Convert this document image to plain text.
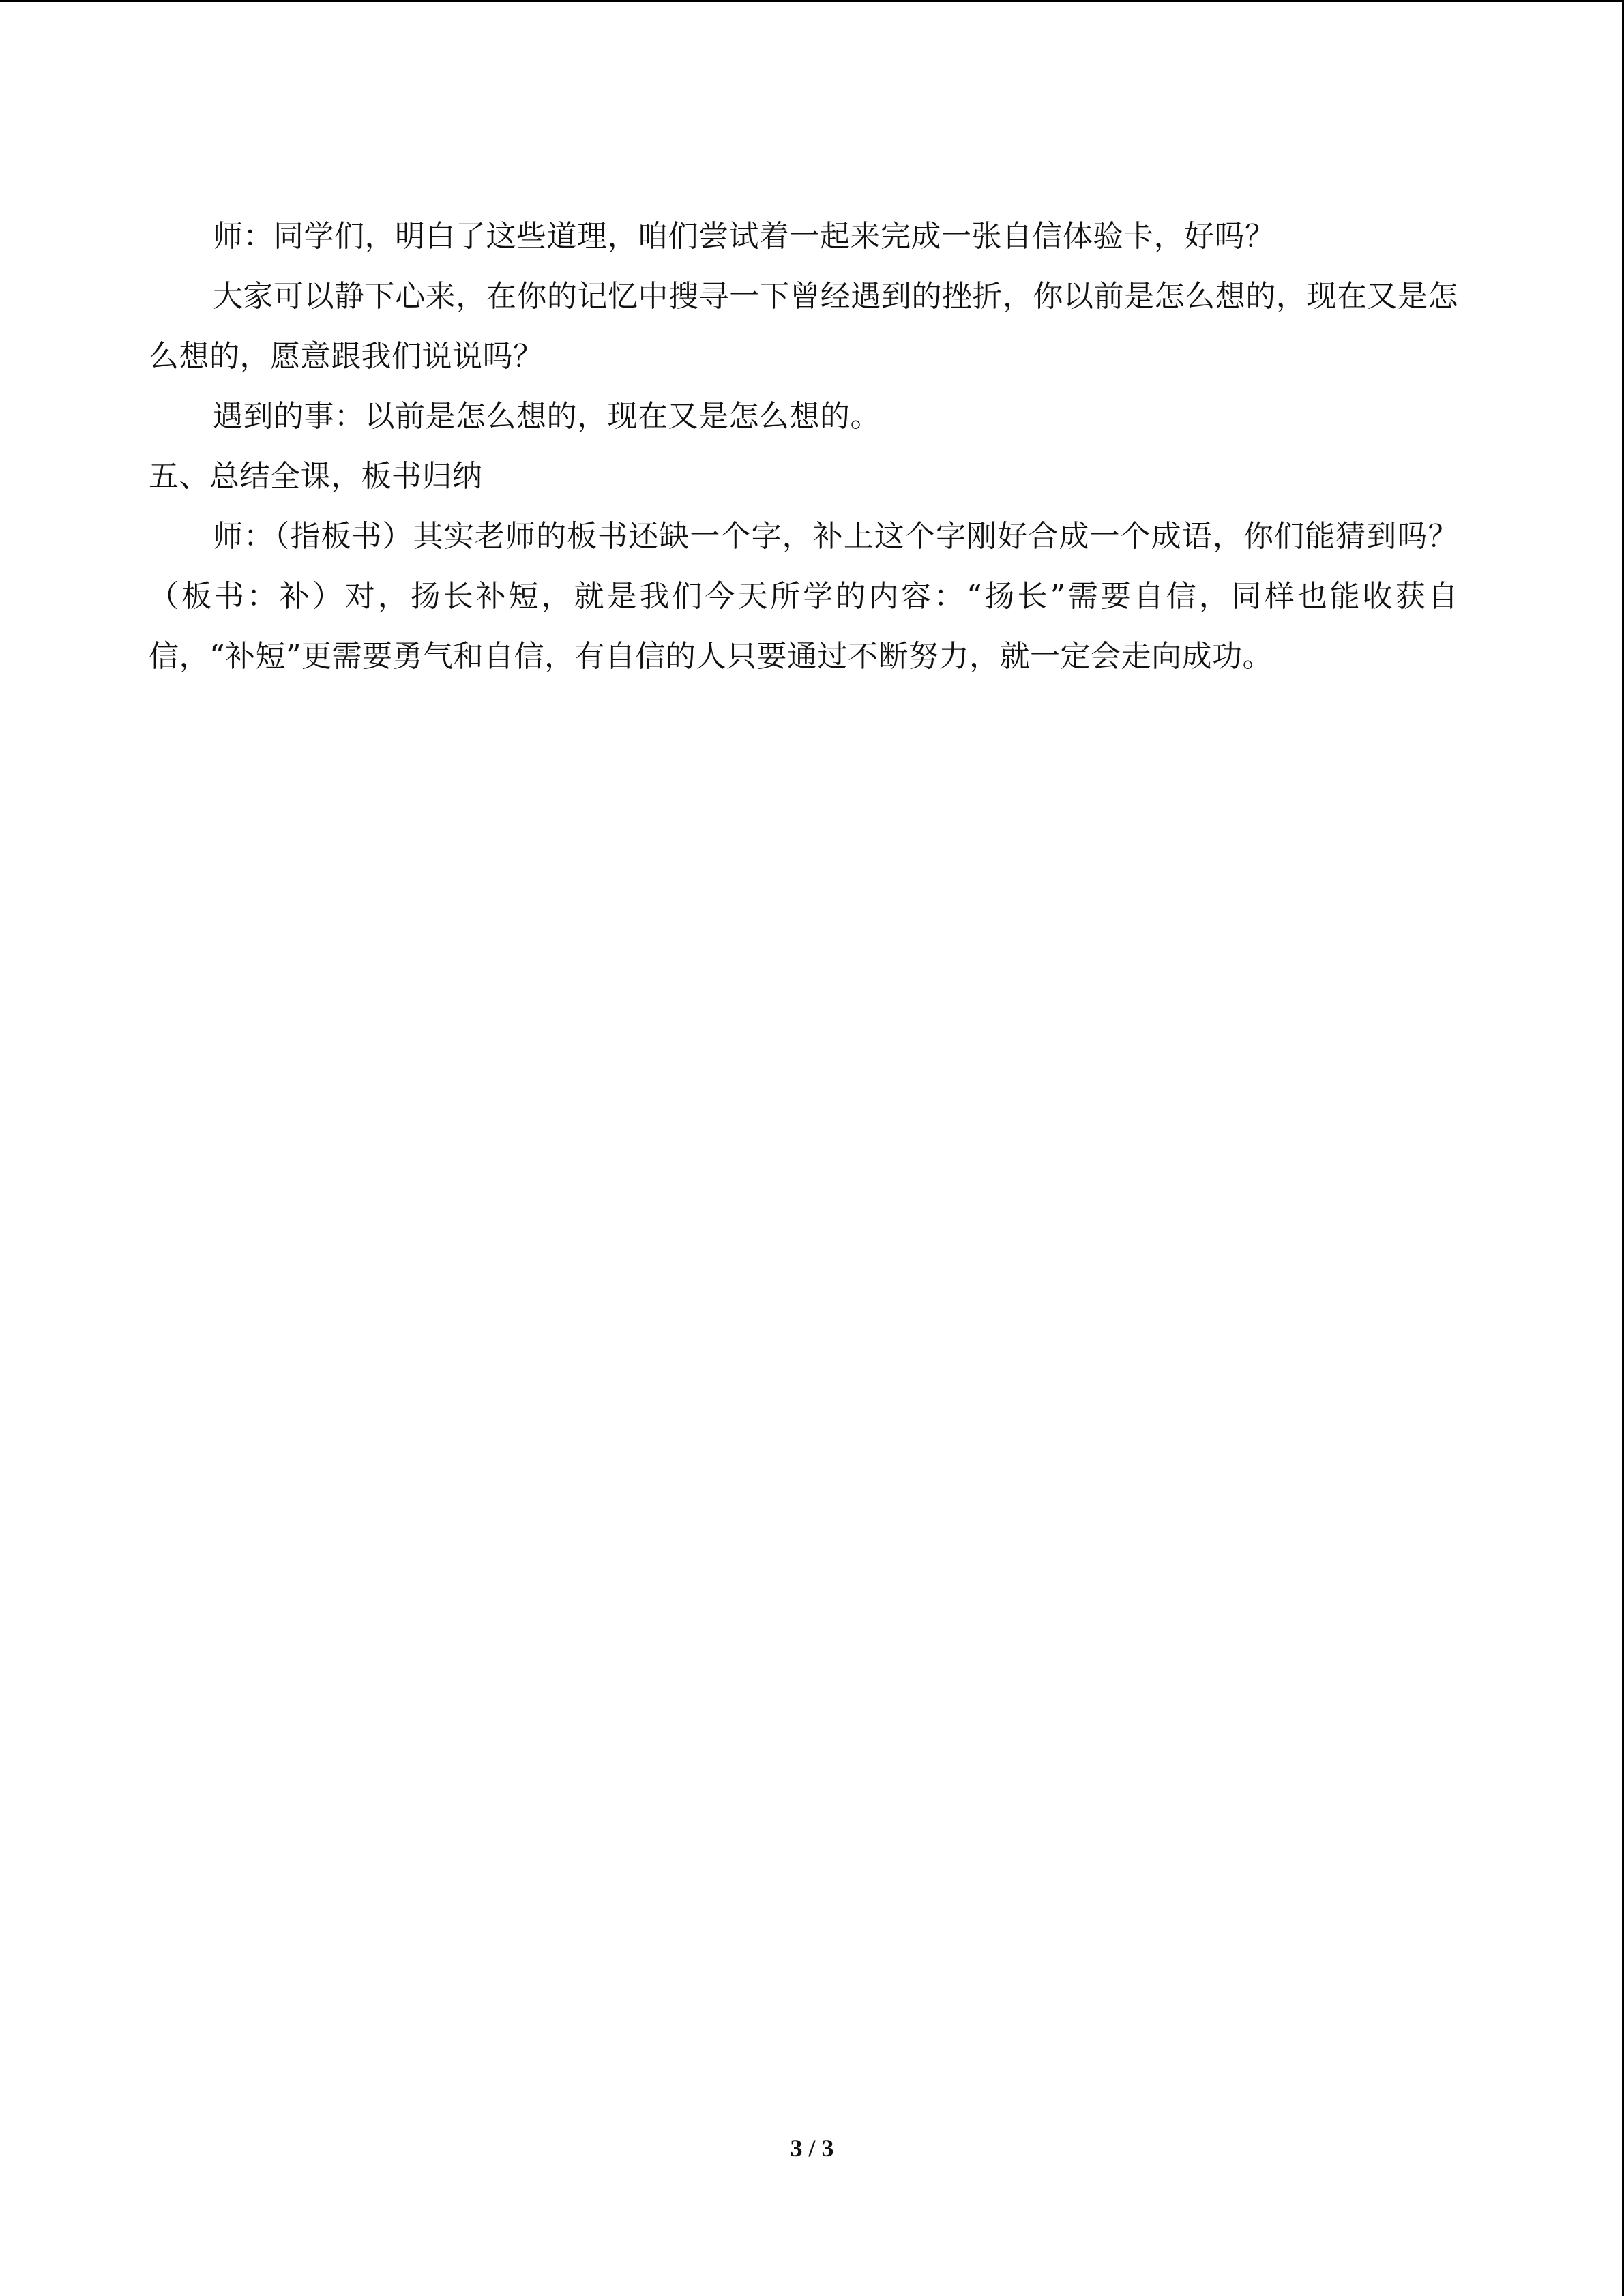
师：同学们，明白了这些道理，咱们尝试着一起来完成一张自信体验卡，好吗？

大家可以静下心来，在你的记忆中搜寻一下曾经遇到的挫折，你以前是怎么想的，现在又是怎么想的，愿意跟我们说说吗？

遇到的事：以前是怎么想的，现在又是怎么想的。

五、总结全课，板书归纳

师：（指板书）其实老师的板书还缺一个字，补上这个字刚好合成一个成语，你们能猜到吗？（板书：补）对，扬长补短，就是我们今天所学的内容：“扬长”需要自信，同样也能收获自信，“补短”更需要勇气和自信，有自信的人只要通过不断努力，就一定会走向成功。

3 / 3
